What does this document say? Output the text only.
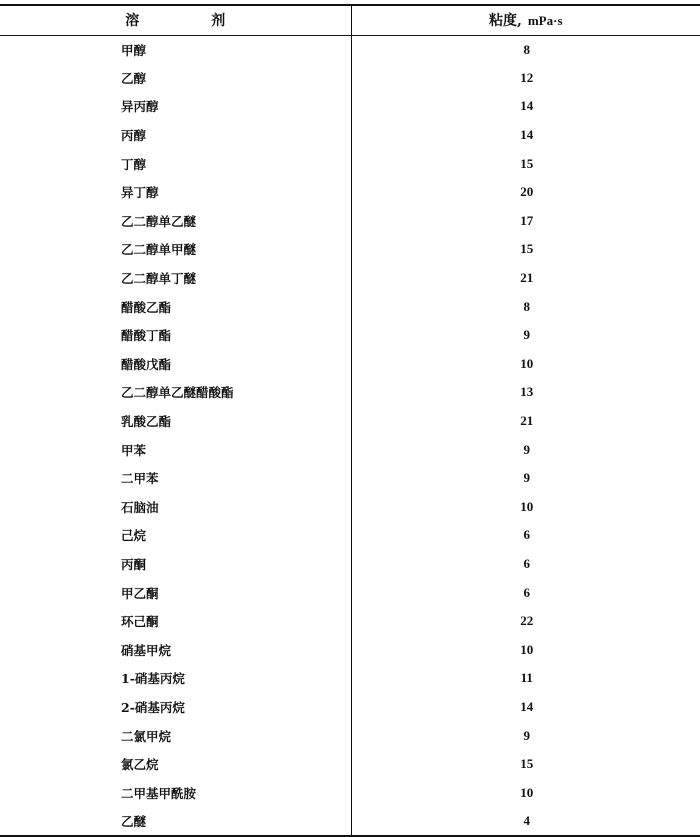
溶 剂	粘度, mPa·s
甲醇	8
乙醇	12
异丙醇	14
丙醇	14
丁醇	15
异丁醇	20
乙二醇单乙醚	17
乙二醇单甲醚	15
乙二醇单丁醚	21
醋酸乙酯	8
醋酸丁酯	9
醋酸戊酯	10
乙二醇单乙醚醋酸酯	13
乳酸乙酯	21
甲苯	9
二甲苯	9
石脑油	10
己烷	6
丙酮	6
甲乙酮	6
环己酮	22
硝基甲烷	10
1-硝基丙烷	11
2-硝基丙烷	14
二氯甲烷	9
氯乙烷	15
二甲基甲酰胺	10
乙醚	4
